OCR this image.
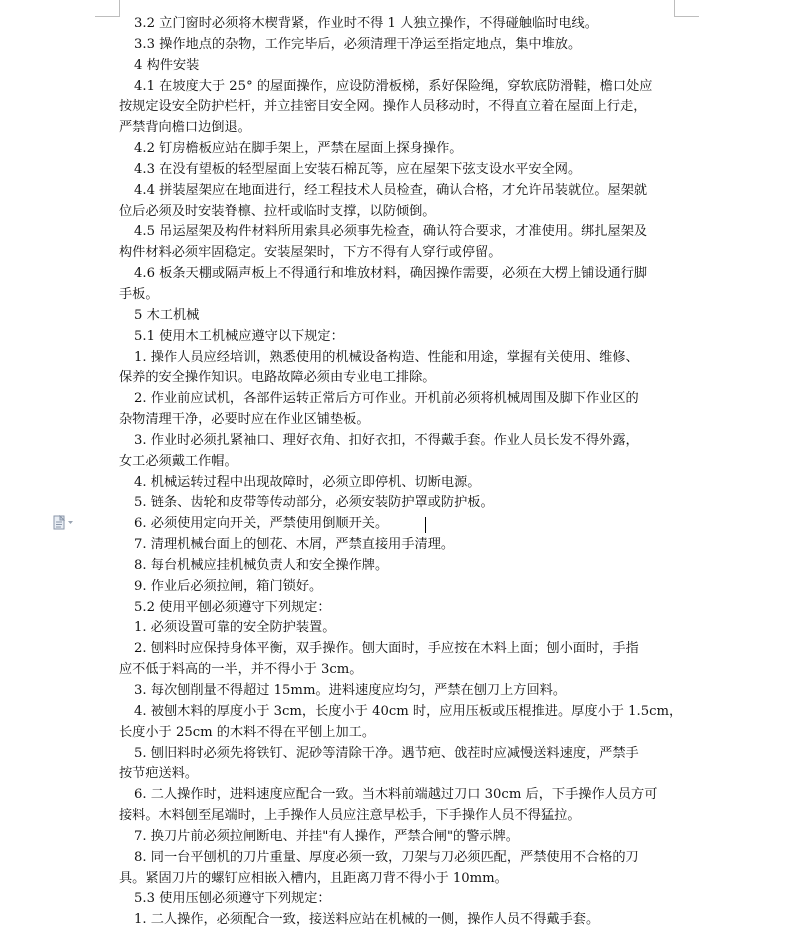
3.2 立门窗时必须将木楔背紧，作业时不得 1 人独立操作，不得碰触临时电线。
3.3 操作地点的杂物，工作完毕后，必须清理干净运至指定地点，集中堆放。
4 构件安装
4.1 在坡度大于 25° 的屋面操作，应设防滑板梯，系好保险绳，穿软底防滑鞋，檐口处应
按规定设安全防护栏杆，并立挂密目安全网。操作人员移动时，不得直立着在屋面上行走，
严禁背向檐口边倒退。
4.2 钉房檐板应站在脚手架上，严禁在屋面上探身操作。
4.3 在没有望板的轻型屋面上安装石棉瓦等，应在屋架下弦支设水平安全网。
4.4 拼装屋架应在地面进行，经工程技术人员检查，确认合格，才允许吊装就位。屋架就
位后必须及时安装脊檩、拉杆或临时支撑，以防倾倒。
4.5 吊运屋架及构件材料所用索具必须事先检查，确认符合要求，才准使用。绑扎屋架及
构件材料必须牢固稳定。安装屋架时，下方不得有人穿行或停留。
4.6 板条天棚或隔声板上不得通行和堆放材料，确因操作需要，必须在大楞上铺设通行脚
手板。
5 木工机械
5.1 使用木工机械应遵守以下规定：
1. 操作人员应经培训，熟悉使用的机械设备构造、性能和用途，掌握有关使用、维修、
保养的安全操作知识。电路故障必须由专业电工排除。
2. 作业前应试机，各部件运转正常后方可作业。开机前必须将机械周围及脚下作业区的
杂物清理干净，必要时应在作业区铺垫板。
3. 作业时必须扎紧袖口、理好衣角、扣好衣扣，不得戴手套。作业人员长发不得外露，
女工必须戴工作帽。
4. 机械运转过程中出现故障时，必须立即停机、切断电源。
5. 链条、齿轮和皮带等传动部分，必须安装防护罩或防护板。
6. 必须使用定向开关，严禁使用倒顺开关。
7. 清理机械台面上的刨花、木屑，严禁直接用手清理。
8. 每台机械应挂机械负责人和安全操作牌。
9. 作业后必须拉闸，箱门锁好。
5.2 使用平刨必须遵守下列规定：
1. 必须设置可靠的安全防护装置。
2. 刨料时应保持身体平衡，双手操作。刨大面时，手应按在木料上面；刨小面时，手指
应不低于料高的一半，并不得小于 3cm。
3. 每次刨削量不得超过 15mm。进料速度应均匀，严禁在刨刀上方回料。
4. 被刨木料的厚度小于 3cm，长度小于 40cm 时，应用压板或压棍推进。厚度小于 1.5cm，
长度小于 25cm 的木料不得在平刨上加工。
5. 刨旧料时必须先将铁钉、泥砂等清除干净。遇节疤、戗茬时应减慢送料速度，严禁手
按节疤送料。
6. 二人操作时，进料速度应配合一致。当木料前端越过刀口 30cm 后，下手操作人员方可
接料。木料刨至尾端时，上手操作人员应注意早松手，下手操作人员不得猛拉。
7. 换刀片前必须拉闸断电、并挂"有人操作，严禁合闸"的警示牌。
8. 同一台平刨机的刀片重量、厚度必须一致，刀架与刀必须匹配，严禁使用不合格的刀
具。紧固刀片的螺钉应相嵌入槽内，且距离刀背不得小于 10mm。
5.3 使用压刨必须遵守下列规定：
1. 二人操作，必须配合一致，接送料应站在机械的一侧，操作人员不得戴手套。
